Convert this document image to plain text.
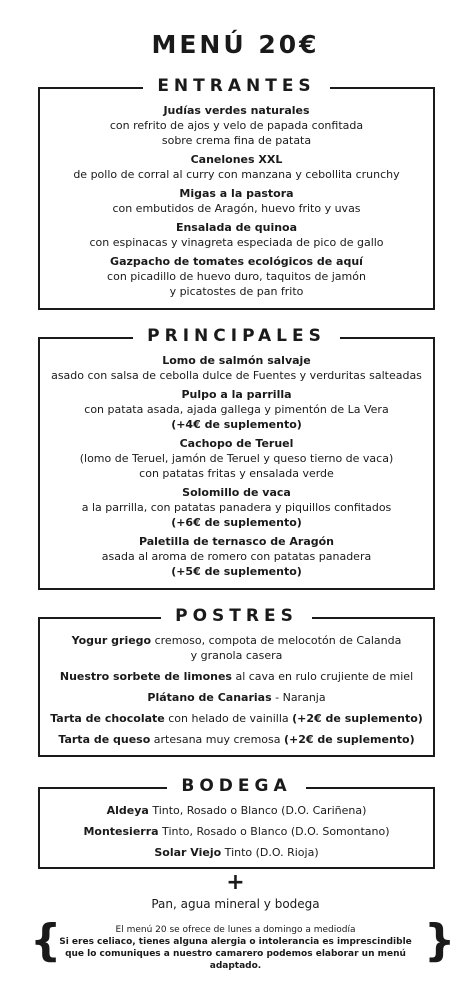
MENÚ 20€
ENTRANTES
Judías verdes naturales
con refrito de ajos y velo de papada confitada
sobre crema fina de patata
Canelones XXL
de pollo de corral al curry con manzana y cebollita crunchy
Migas a la pastora
con embutidos de Aragón, huevo frito y uvas
Ensalada de quinoa
con espinacas y vinagreta especiada de pico de gallo
Gazpacho de tomates ecológicos de aquí
con picadillo de huevo duro, taquitos de jamón
y picatostes de pan frito
PRINCIPALES
Lomo de salmón salvaje
asado con salsa de cebolla dulce de Fuentes y verduritas salteadas
Pulpo a la parrilla
con patata asada, ajada gallega y pimentón de La Vera
(+4€ de suplemento)
Cachopo de Teruel
(lomo de Teruel, jamón de Teruel y queso tierno de vaca)
con patatas fritas y ensalada verde
Solomillo de vaca
a la parrilla, con patatas panadera y piquillos confitados
(+6€ de suplemento)
Paletilla de ternasco de Aragón
asada al aroma de romero con patatas panadera
(+5€ de suplemento)
POSTRES
Yogur griego cremoso, compota de melocotón de Calanda
y granola casera
Nuestro sorbete de limones al cava en rulo crujiente de miel
Plátano de Canarias - Naranja
Tarta de chocolate con helado de vainilla (+2€ de suplemento)
Tarta de queso artesana muy cremosa (+2€ de suplemento)
BODEGA
Aldeya Tinto, Rosado o Blanco (D.O. Cariñena)
Montesierra Tinto, Rosado o Blanco (D.O. Somontano)
Solar Viejo Tinto (D.O. Rioja)
+
Pan, agua mineral y bodega
{	}
El menú 20 se ofrece de lunes a domingo a mediodía
Si eres celiaco, tienes alguna alergia o intolerancia es imprescindible
que lo comuniques a nuestro camarero podemos elaborar un menú adaptado.
